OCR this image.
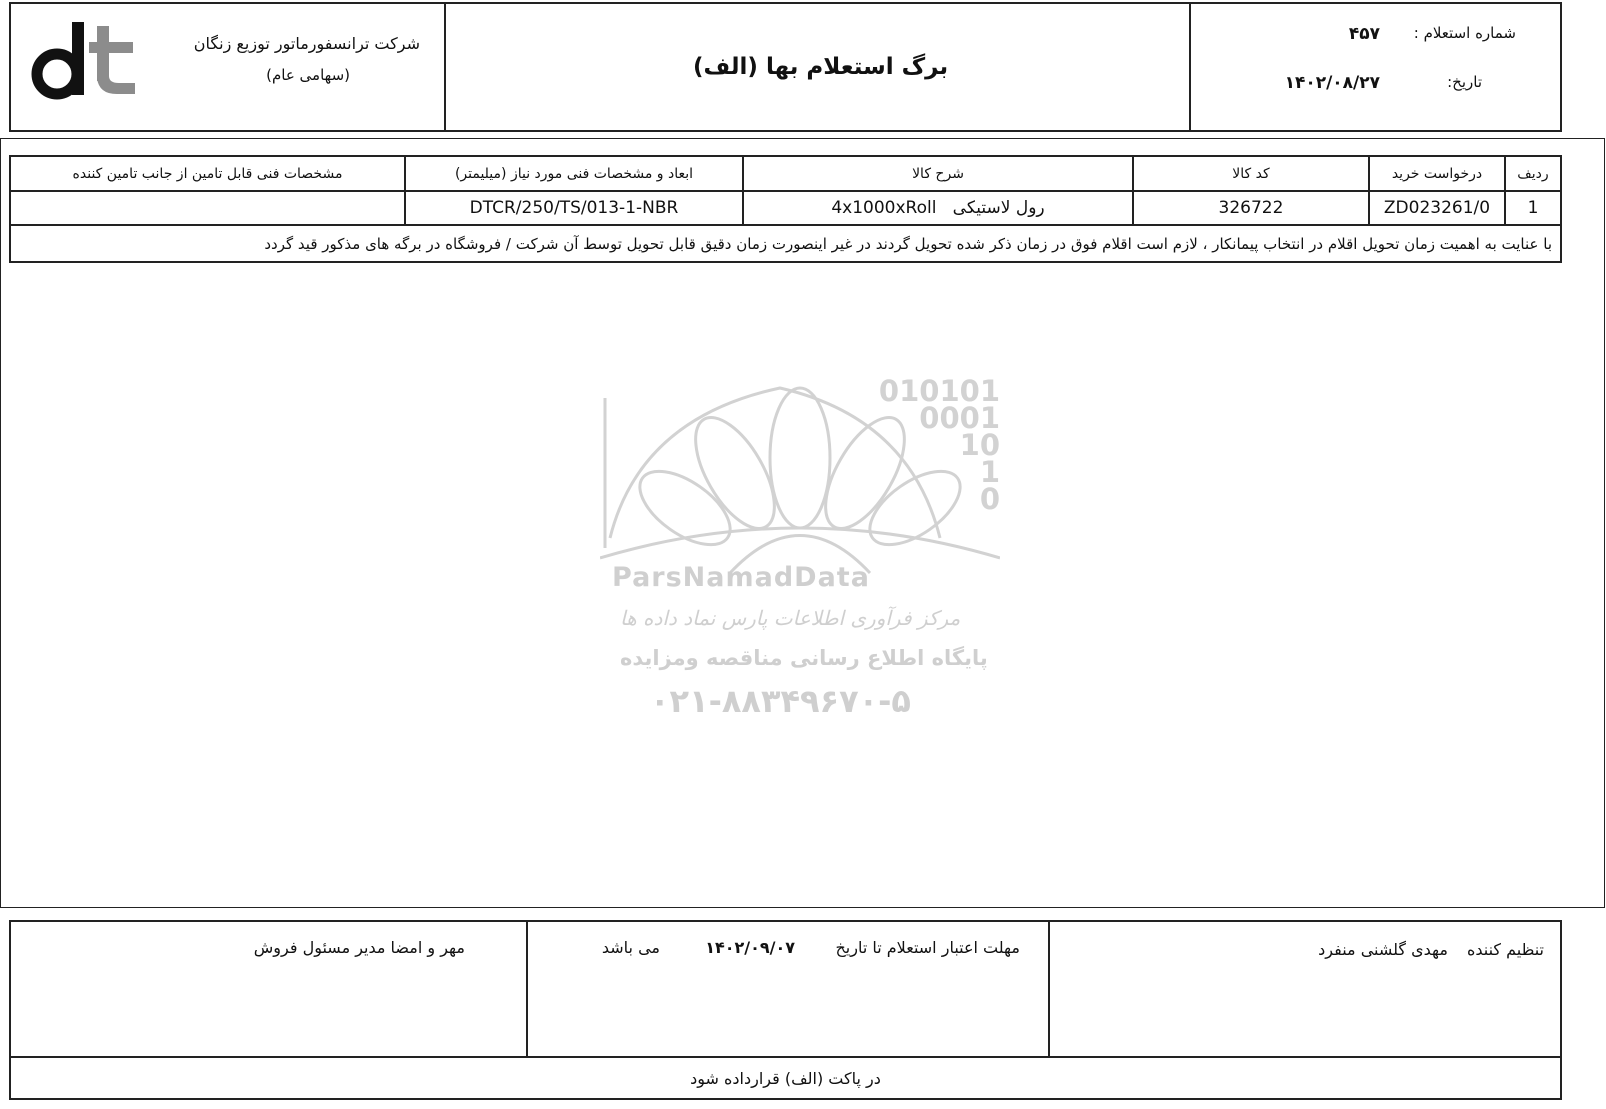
شرکت ترانسفورماتور توزیع زنگان
(سهامی عام)	برگ استعلام بها (الف)
شماره استعلام :
۴۵۷
تاریخ:
۱۴۰۲/۰۸/۲۷
ردیف	درخواست خرید	کد کالا	شرح کالا	ابعاد و مشخصات فنی مورد نیاز (میلیمتر)	مشخصات فنی قابل تامین از جانب تامین کننده
1	ZD023261/0	326722	رول لاستیکی   4x1000xRoll	DTCR/250/TS/013-1-NBR	
با عنایت به اهمیت زمان تحویل اقلام در انتخاب پیمانکار ، لازم است اقلام فوق در زمان ذکر شده تحویل گردند در غیر اینصورت زمان دقیق قابل تحویل توسط آن شرکت / فروشگاه در برگه های مذکور قید گردد					
010101
0001
10
1
0
ParsNamadData
مرکز فرآوری اطلاعات پارس نماد داده ها
پایگاه اطلاع رسانی مناقصه ومزایده
۰۲۱-۸۸۳۴۹۶۷۰-۵
تنظیم کننده
مهدی گلشنی منفرد
مهلت اعتبار استعلام تا تاریخ
۱۴۰۲/۰۹/۰۷
می باشد
مهر و امضا مدیر مسئول فروش
در پاکت (الف) قرارداده شود
